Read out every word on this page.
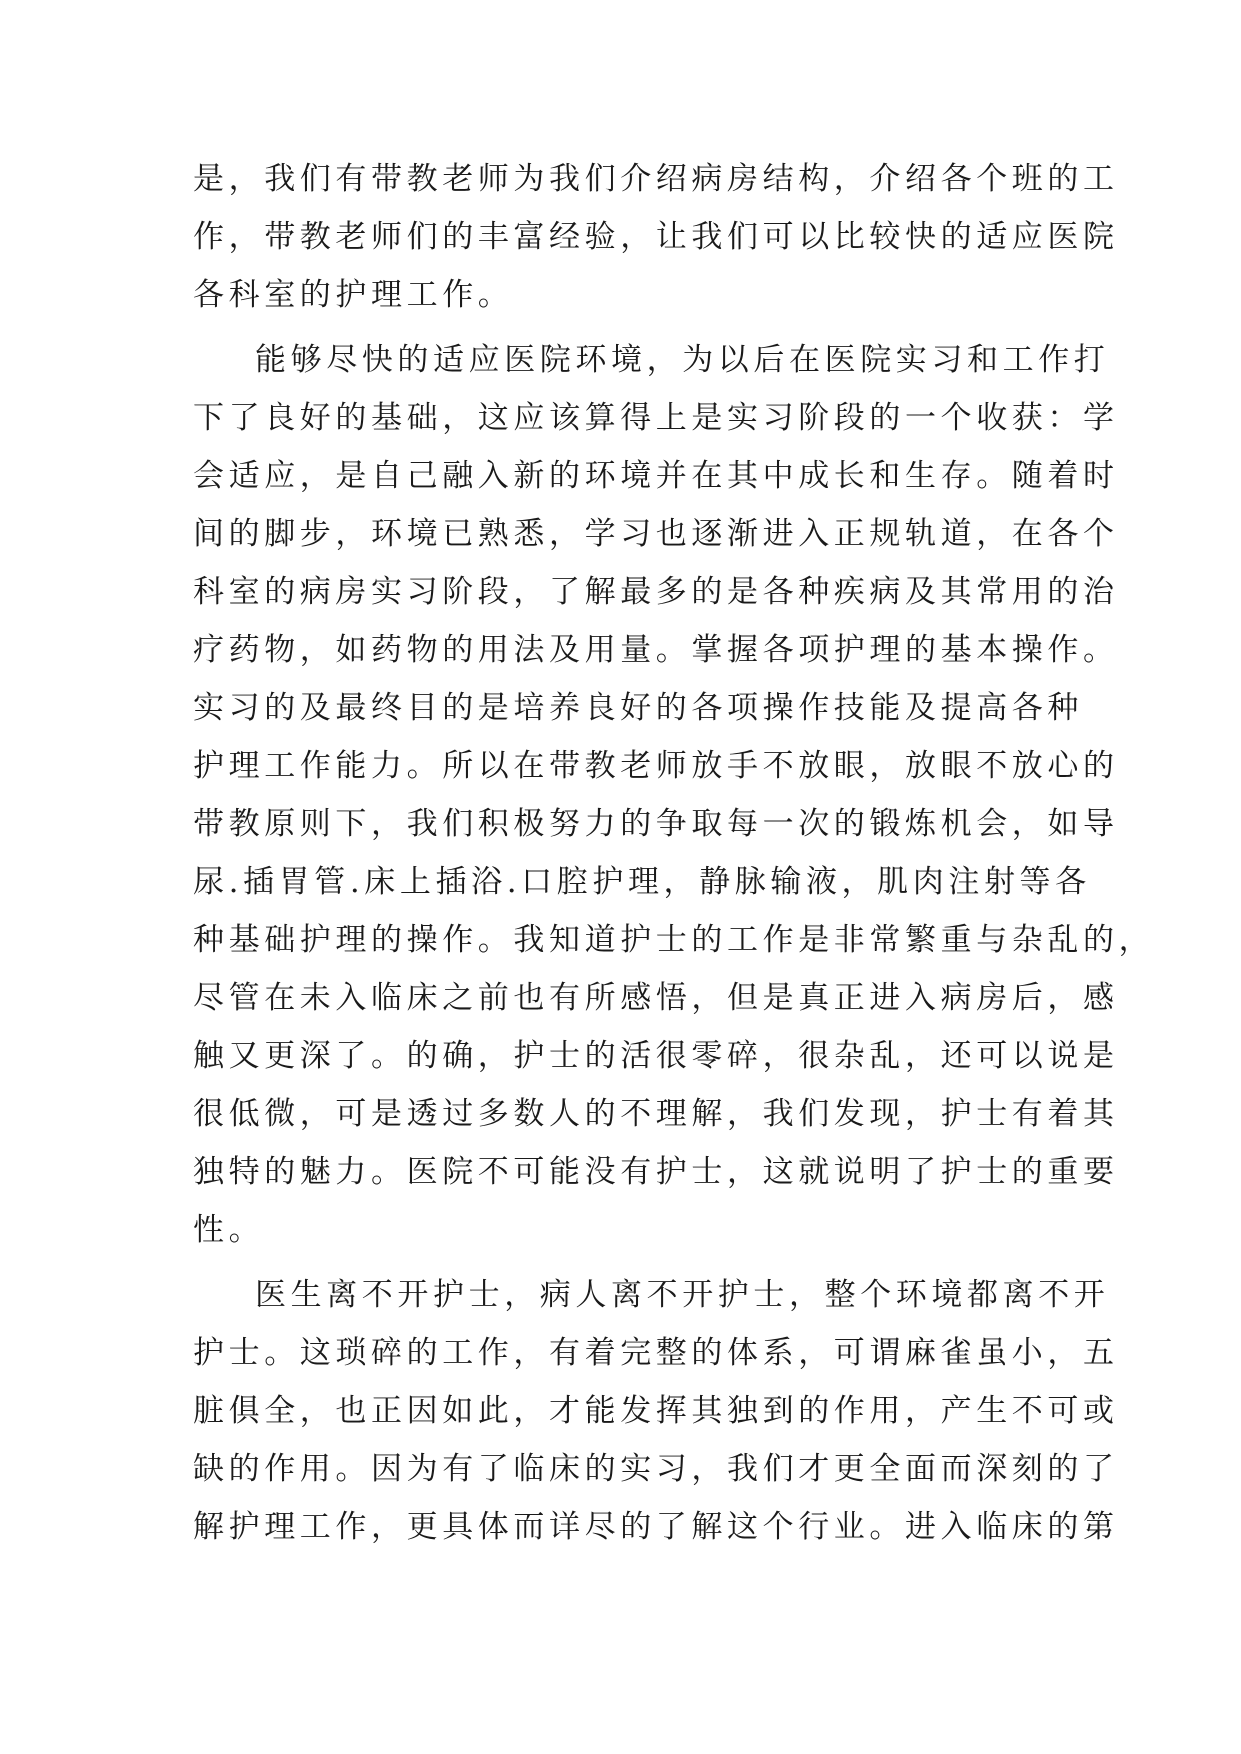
是，我们有带教老师为我们介绍病房结构，介绍各个班的工
作，带教老师们的丰富经验，让我们可以比较快的适应医院
各科室的护理工作。
能够尽快的适应医院环境，为以后在医院实习和工作打
下了良好的基础，这应该算得上是实习阶段的一个收获：学
会适应，是自己融入新的环境并在其中成长和生存。随着时
间的脚步，环境已熟悉，学习也逐渐进入正规轨道，在各个
科室的病房实习阶段，了解最多的是各种疾病及其常用的治
疗药物，如药物的用法及用量。掌握各项护理的基本操作。
实习的及最终目的是培养良好的各项操作技能及提高各种
护理工作能力。所以在带教老师放手不放眼，放眼不放心的
带教原则下，我们积极努力的争取每一次的锻炼机会，如导
尿.插胃管.床上插浴.口腔护理，静脉输液，肌肉注射等各
种基础护理的操作。我知道护士的工作是非常繁重与杂乱的，
尽管在未入临床之前也有所感悟，但是真正进入病房后，感
触又更深了。的确，护士的活很零碎，很杂乱，还可以说是
很低微，可是透过多数人的不理解，我们发现，护士有着其
独特的魅力。医院不可能没有护士，这就说明了护士的重要
性。
医生离不开护士，病人离不开护士，整个环境都离不开
护士。这琐碎的工作，有着完整的体系，可谓麻雀虽小，五
脏俱全，也正因如此，才能发挥其独到的作用，产生不可或
缺的作用。因为有了临床的实习，我们才更全面而深刻的了
解护理工作，更具体而详尽的了解这个行业。进入临床的第
